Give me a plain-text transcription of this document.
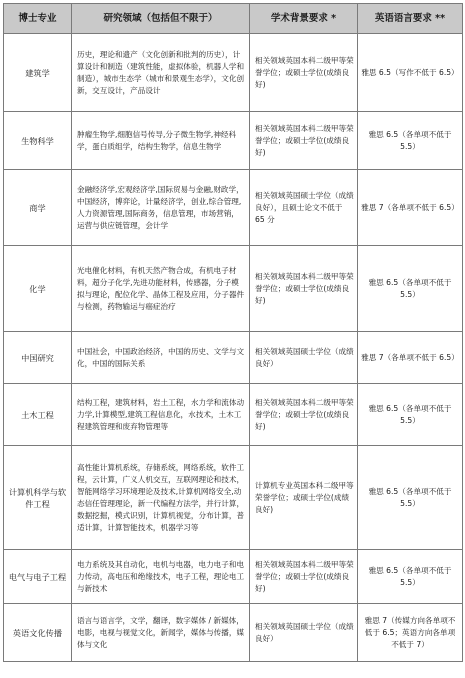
博士专业	研究领域（包括但不限于）	学术背景要求 *	英语语言要求 **
建筑学	历史，理论和遗产（文化创新和批判的历史），计算设计和制造（建筑性能，虚拟体验，机器人学和制造），城市生态学（城市和景观生态学），文化创新，交互设计，产品设计	相关领域英国本科二级甲等荣誉学位；或硕士学位(成绩良好)	雅思 6.5（写作不低于 6.5）
生物科学	肿瘤生物学,细胞信号传导,分子微生物学,神经科学，蛋白质组学，结构生物学，信息生物学	相关领域英国本科二级甲等荣誉学位；或硕士学位(成绩良好)	雅思 6.5（各单项不低于 5.5）
商学	金融经济学,宏观经济学,国际贸易与金融,财政学，中国经济，博弈论，计量经济学，创业,综合管理,人力资源管理,国际商务，信息管理，市场营销，运营与供应链管理，会计学	相关领域英国硕士学位（成绩良好），且硕士论文不低于 65 分	雅思 7（各单项不低于 6.5）
化学	光电催化材料，有机天然产物合成，有机电子材料，超分子化学,先进功能材料，传感器，分子模拟与理论，配位化学、晶体工程及应用，分子器件与检测，药物输运与癌症治疗	相关领域英国本科二级甲等荣誉学位；或硕士学位(成绩良好)	雅思 6.5（各单项不低于 5.5）
中国研究	中国社会，中国政治经济，中国的历史、文学与文化，中国的国际关系	相关领域英国硕士学位（成绩良好）	雅思 7（各单项不低于 6.5）
土木工程	结构工程，建筑材料，岩土工程，水力学和流体动力学,计算模型,建筑工程信息化，水技术，土木工程建筑管理和废弃物管理等	相关领域英国本科二级甲等荣誉学位；或硕士学位(成绩良好)	雅思 6.5（各单项不低于 5.5）
计算机科学与软件工程	高性能计算机系统，存储系统，网络系统，软件工程，云计算，广义人机交互，互联网理论和技术，智能网络学习环境理论及技术,计算机网络安全,动态信任管理理论，新一代编程方法学，并行计算，数据挖掘，模式识别，计算机视觉，分布计算，普适计算，计算智能技术，机器学习等	计算机专业英国本科二级甲等荣誉学位；或硕士学位(成绩良好)	雅思 6.5（各单项不低于 5.5）
电气与电子工程	电力系统及其自动化，电机与电器，电力电子和电力传动，高电压和绝缘技术，电子工程，理论电工与新技术	相关领域英国本科二级甲等荣誉学位；或硕士学位(成绩良好)	雅思 6.5（各单项不低于 5.5）
英语文化传播	语言与语言学，文学，翻译，数字媒体 / 新媒体，电影，电视与视觉文化，新闻学，媒体与传播，媒体与文化	相关领域英国硕士学位（成绩良好）	雅思 7（传媒方向各单项不低于 6.5；英语方向各单项不低于 7）
